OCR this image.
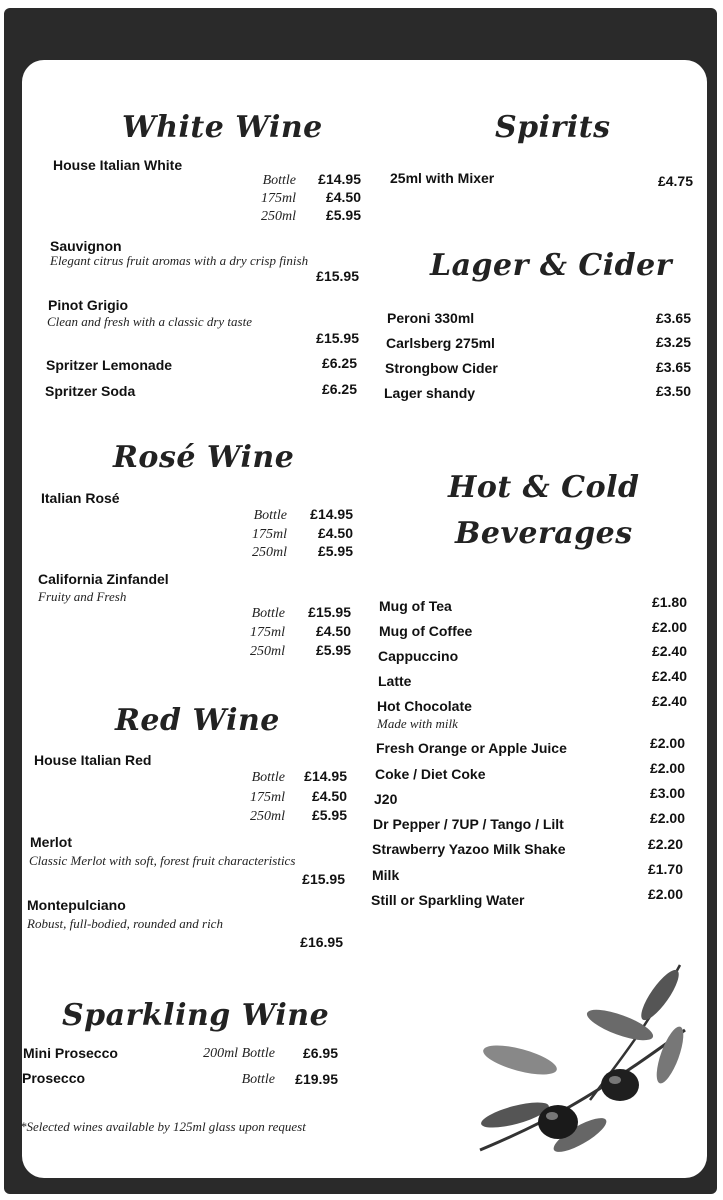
White Wine
House Italian White
Bottle	£14.95
175ml	£4.50
250ml	£5.95
Sauvignon
Elegant citrus fruit aromas with a dry crisp finish
£15.95
Pinot Grigio
Clean and fresh with a classic dry taste
£15.95
Spritzer Lemonade	£6.25
Spritzer Soda	£6.25
Rosé Wine
Italian Rosé
Bottle	£14.95
175ml	£4.50
250ml	£5.95
California Zinfandel
Fruity and Fresh
Bottle	£15.95
175ml	£4.50
250ml	£5.95
Red Wine
House Italian Red
Bottle	£14.95
175ml	£4.50
250ml	£5.95
Merlot
Classic Merlot with soft, forest fruit characteristics
£15.95
Montepulciano
Robust, full-bodied, rounded and rich
£16.95
Sparkling Wine
Mini Prosecco	200ml Bottle	£6.95
Prosecco	Bottle	£19.95
*Selected wines available by 125ml glass upon request
Spirits
25ml with Mixer	£4.75
Lager & Cider
Peroni 330ml	£3.65
Carlsberg 275ml	£3.25
Strongbow Cider	£3.65
Lager shandy	£3.50
Hot & Cold
Beverages
Mug of Tea	£1.80
Mug of Coffee	£2.00
Cappuccino	£2.40
Latte	£2.40
Hot Chocolate	£2.40
Made with milk
Fresh Orange or Apple Juice	£2.00
Coke / Diet Coke	£2.00
J20	£3.00
Dr Pepper / 7UP / Tango / Lilt	£2.00
Strawberry Yazoo Milk Shake	£2.20
Milk	£1.70
Still or Sparkling Water	£2.00
